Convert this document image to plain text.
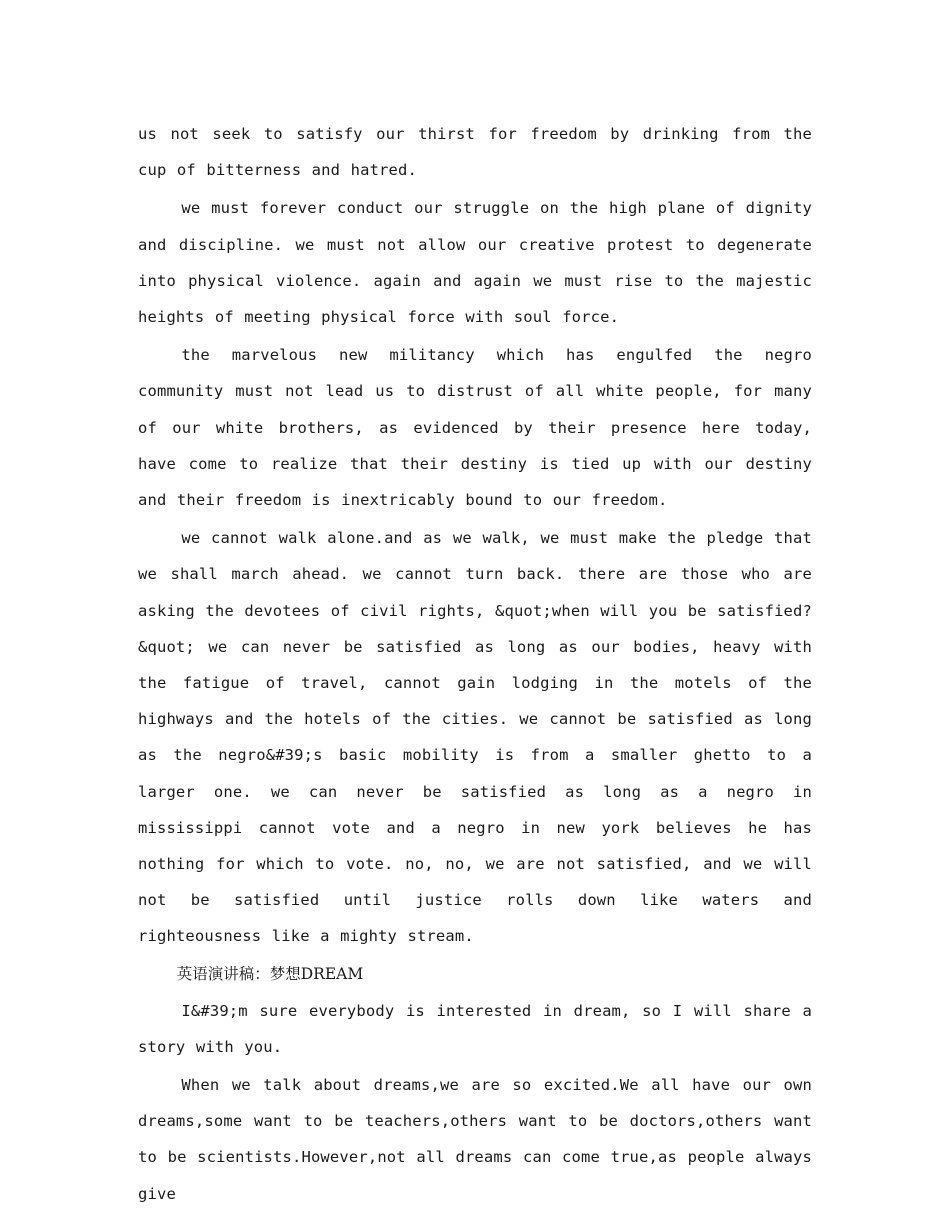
us not seek to satisfy our thirst for freedom by drinking from the cup of bitterness and hatred.

we must forever conduct our struggle on the high plane of dignity and discipline. we must not allow our creative protest to degenerate into physical violence. again and again we must rise to the majestic heights of meeting physical force with soul force.

the marvelous new militancy which has engulfed the negro community must not lead us to distrust of all white people, for many of our white brothers, as evidenced by their presence here today, have come to realize that their destiny is tied up with our destiny and their freedom is inextricably bound to our freedom.

we cannot walk alone.and as we walk, we must make the pledge that we shall march ahead. we cannot turn back. there are those who are asking the devotees of civil rights, &quot;when will you be satisfied?&quot; we can never be satisfied as long as our bodies, heavy with the fatigue of travel, cannot gain lodging in the motels of the highways and the hotels of the cities. we cannot be satisfied as long as the negro&#39;s basic mobility is from a smaller ghetto to a larger one. we can never be satisfied as long as a negro in mississippi cannot vote and a negro in new york believes he has nothing for which to vote. no, no, we are not satisfied, and we will not be satisfied until justice rolls down like waters and righteousness like a mighty stream.

英语演讲稿：梦想DREAM

I&#39;m sure everybody is interested in dream, so I will share a story with you.

When we talk about dreams,we are so excited.We all have our own dreams,some want to be teachers,others want to be doctors,others want to be scientists.However,not all dreams can come true,as people always give
